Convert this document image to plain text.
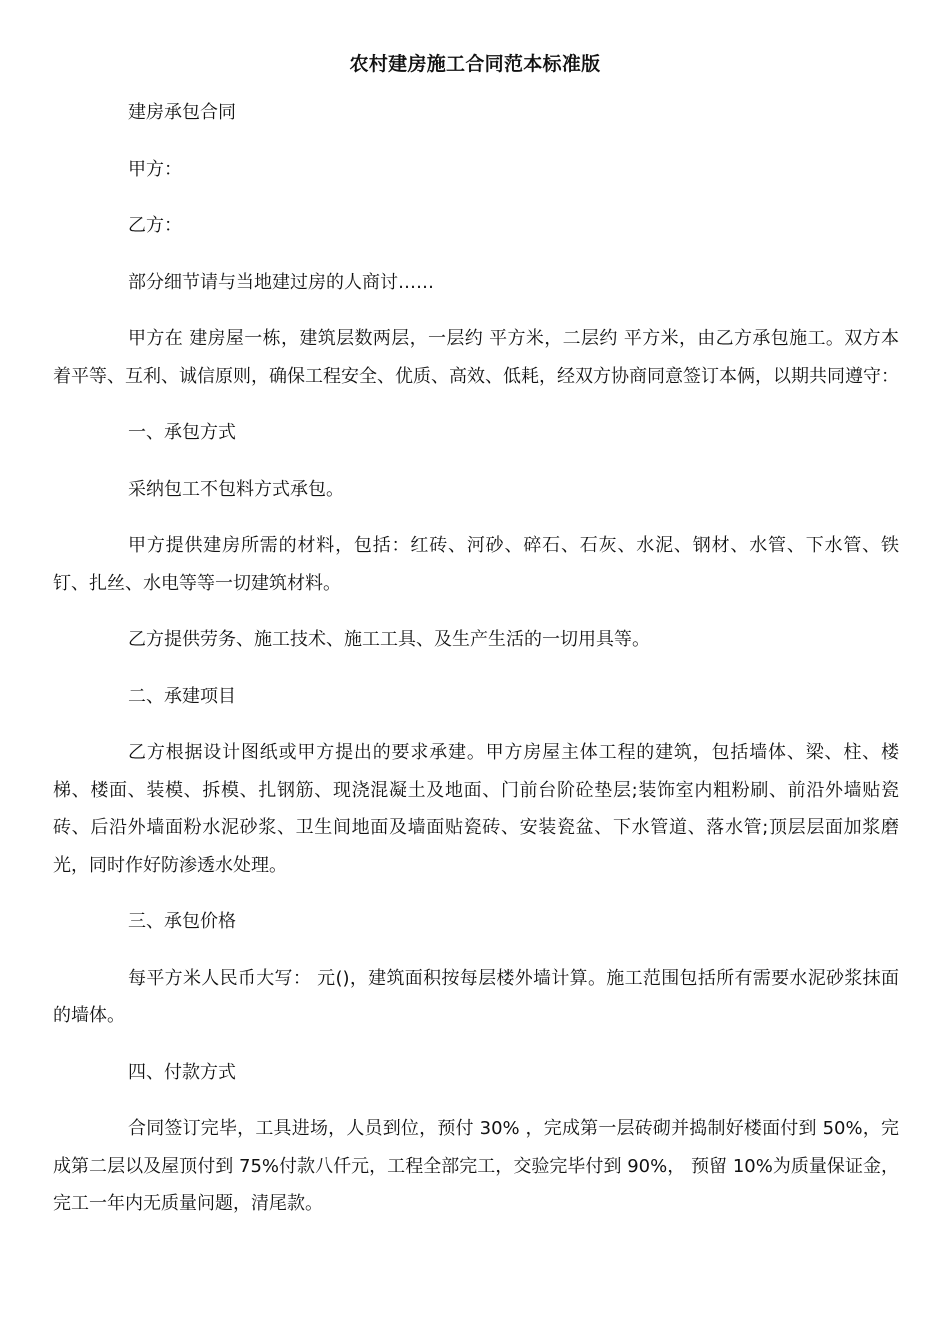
农村建房施工合同范本标准版

建房承包合同

甲方：

乙方：

部分细节请与当地建过房的人商讨……

甲方在 建房屋一栋，建筑层数两层，一层约 平方米，二层约 平方米，由乙方承包施工。双方本着平等、互利、诚信原则，确保工程安全、优质、高效、低耗，经双方协商同意签订本俩，以期共同遵守：

一、承包方式

采纳包工不包料方式承包。

甲方提供建房所需的材料，包括：红砖、河砂、碎石、石灰、水泥、钢材、水管、下水管、铁钉、扎丝、水电等等一切建筑材料。

乙方提供劳务、施工技术、施工工具、及生产生活的一切用具等。

二、承建项目

乙方根据设计图纸或甲方提出的要求承建。甲方房屋主体工程的建筑，包括墙体、梁、柱、楼梯、楼面、装模、拆模、扎钢筋、现浇混凝土及地面、门前台阶砼垫层;装饰室内粗粉刷、前沿外墙贴瓷砖、后沿外墙面粉水泥砂浆、卫生间地面及墙面贴瓷砖、安装瓷盆、下水管道、落水管;顶层层面加浆磨光，同时作好防渗透水处理。

三、承包价格

每平方米人民币大写： 元()，建筑面积按每层楼外墙计算。施工范围包括所有需要水泥砂浆抹面的墙体。

四、付款方式

合同签订完毕，工具进场，人员到位，预付 30% ，完成第一层砖砌并捣制好楼面付到 50%，完成第二层以及屋顶付到 75%付款八仟元，工程全部完工，交验完毕付到 90%， 预留 10%为质量保证金，完工一年内无质量问题，清尾款。
